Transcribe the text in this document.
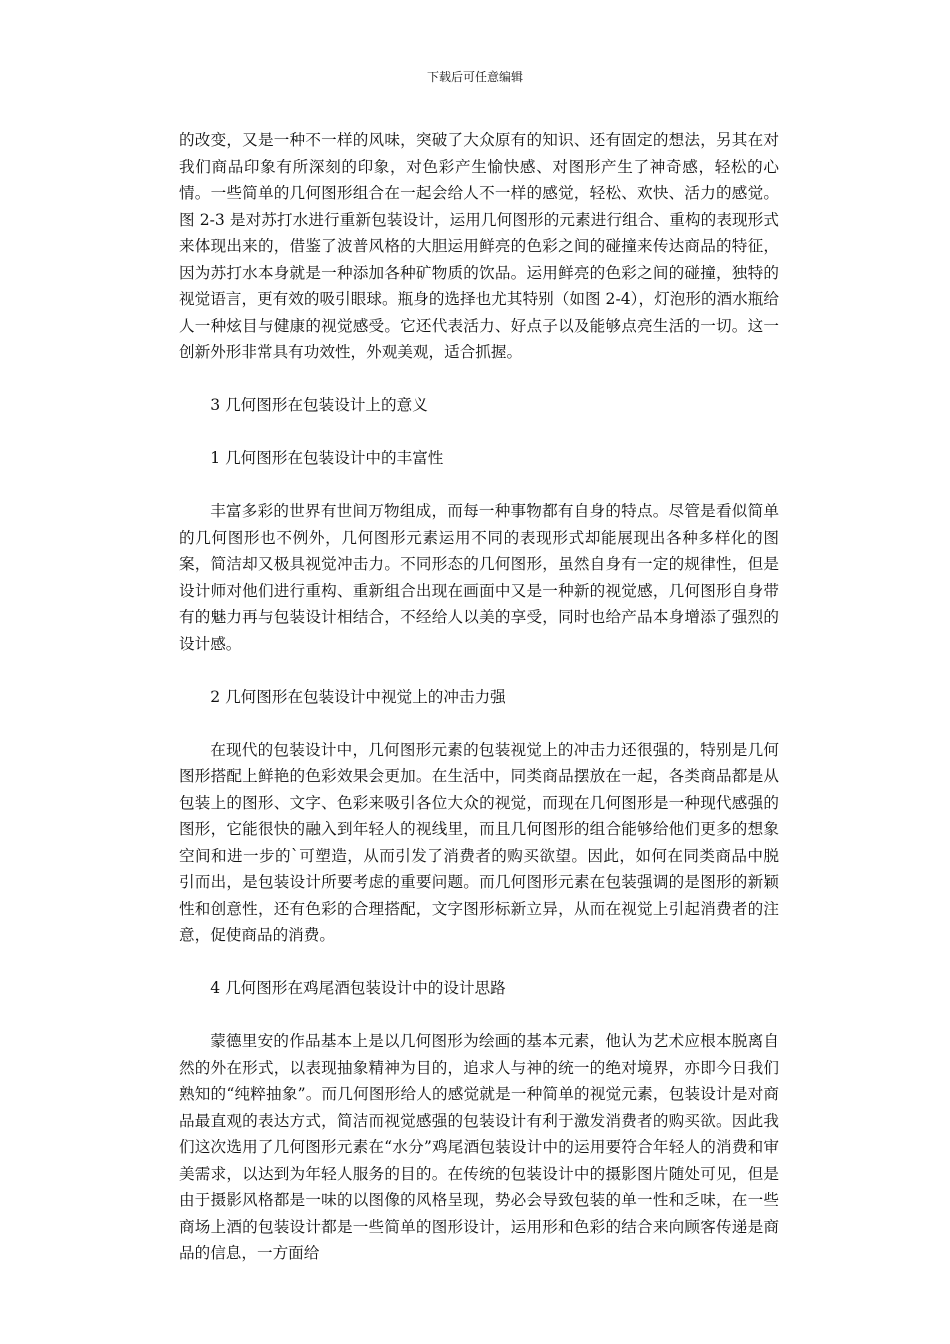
下载后可任意编辑

的改变，又是一种不一样的风味，突破了大众原有的知识、还有固定的想法，另其在对我们商品印象有所深刻的印象，对色彩产生愉快感、对图形产生了神奇感，轻松的心情。一些简单的几何图形组合在一起会给人不一样的感觉，轻松、欢快、活力的感觉。图 2-3 是对苏打水进行重新包装设计，运用几何图形的元素进行组合、重构的表现形式来体现出来的，借鉴了波普风格的大胆运用鲜亮的色彩之间的碰撞来传达商品的特征，因为苏打水本身就是一种添加各种矿物质的饮品。运用鲜亮的色彩之间的碰撞，独特的视觉语言，更有效的吸引眼球。瓶身的选择也尤其特别（如图 2-4），灯泡形的酒水瓶给人一种炫目与健康的视觉感受。它还代表活力、好点子以及能够点亮生活的一切。这一创新外形非常具有功效性，外观美观，适合抓握。

3 几何图形在包装设计上的意义

1 几何图形在包装设计中的丰富性

丰富多彩的世界有世间万物组成，而每一种事物都有自身的特点。尽管是看似简单的几何图形也不例外，几何图形元素运用不同的表现形式却能展现出各种多样化的图案，简洁却又极具视觉冲击力。不同形态的几何图形，虽然自身有一定的规律性，但是设计师对他们进行重构、重新组合出现在画面中又是一种新的视觉感，几何图形自身带有的魅力再与包装设计相结合，不经给人以美的享受，同时也给产品本身增添了强烈的设计感。

2 几何图形在包装设计中视觉上的冲击力强

在现代的包装设计中，几何图形元素的包装视觉上的冲击力还很强的，特别是几何图形搭配上鲜艳的色彩效果会更加。在生活中，同类商品摆放在一起，各类商品都是从包装上的图形、文字、色彩来吸引各位大众的视觉，而现在几何图形是一种现代感强的图形，它能很快的融入到年轻人的视线里，而且几何图形的组合能够给他们更多的想象空间和进一步的`可塑造，从而引发了消费者的购买欲望。因此，如何在同类商品中脱引而出，是包装设计所要考虑的重要问题。而几何图形元素在包装强调的是图形的新颖性和创意性，还有色彩的合理搭配，文字图形标新立异，从而在视觉上引起消费者的注意，促使商品的消费。

4 几何图形在鸡尾酒包装设计中的设计思路

蒙德里安的作品基本上是以几何图形为绘画的基本元素，他认为艺术应根本脱离自然的外在形式，以表现抽象精神为目的，追求人与神的统一的绝对境界，亦即今日我们熟知的“纯粹抽象”。而几何图形给人的感觉就是一种简单的视觉元素，包装设计是对商品最直观的表达方式，简洁而视觉感强的包装设计有利于激发消费者的购买欲。因此我们这次选用了几何图形元素在“水分”鸡尾酒包装设计中的运用要符合年轻人的消费和审美需求，以达到为年轻人服务的目的。在传统的包装设计中的摄影图片随处可见，但是由于摄影风格都是一味的以图像的风格呈现，势必会导致包装的单一性和乏味，在一些商场上酒的包装设计都是一些简单的图形设计，运用形和色彩的结合来向顾客传递是商品的信息，一方面给
